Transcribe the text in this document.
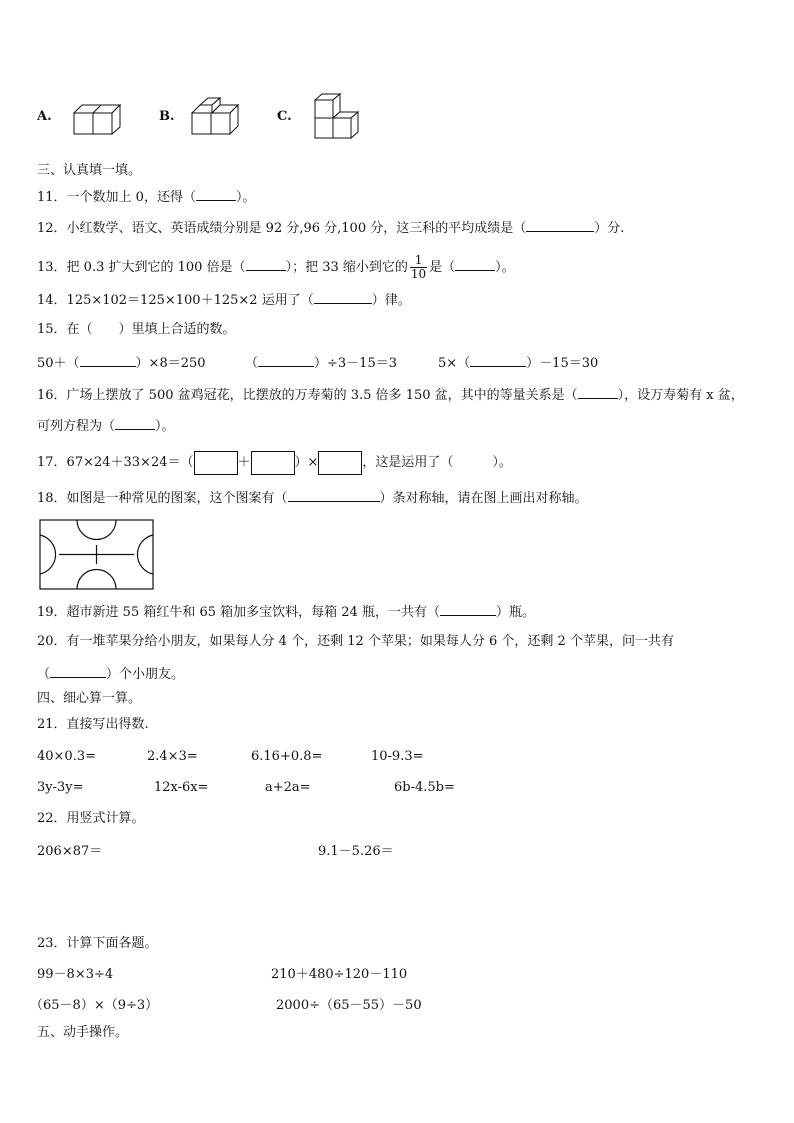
A.	B.	C.
三、认真填一填。
11．一个数加上 0，还得（	）。
12．小红数学、语文、英语成绩分别是 92 分,96 分,100 分，这三科的平均成绩是（	）分.
13．把 0.3 扩大到它的 100 倍是（	）；把 33 缩小到它的 $\frac{1}{10}$ 是（	）。
14．125×102＝125×100＋125×2 运用了（	）律。
15．在（　　）里填上合适的数。
50＋（	）×8＝250	（	）÷3－15＝3	5×（	）－15＝30
16．广场上摆放了 500 盆鸡冠花，比摆放的万寿菊的 3.5 倍多 150 盆，其中的等量关系是（	），设万寿菊有 x 盆，
可列方程为（	）。
17．67×24＋33×24＝（	＋	）×	，这是运用了（　　　）。
18．如图是一种常见的图案，这个图案有（	）条对称轴，请在图上画出对称轴。
19．超市新进 55 箱红牛和 65 箱加多宝饮料，每箱 24 瓶，一共有（	）瓶。
20．有一堆苹果分给小朋友，如果每人分 4 个，还剩 12 个苹果；如果每人分 6 个，还剩 2 个苹果，问一共有
（	）个小朋友。
四、细心算一算。
21．直接写出得数.
40×0.3=	2.4×3=	6.16+0.8=	10-9.3=
3y-3y=	12x-6x=	a+2a=	6b-4.5b=
22．用竖式计算。
206×87＝	9.1－5.26＝
23．计算下面各题。
99－8×3÷4	210＋480÷120－110
（65－8）×（9÷3）	2000÷（65－55）－50
五、动手操作。
